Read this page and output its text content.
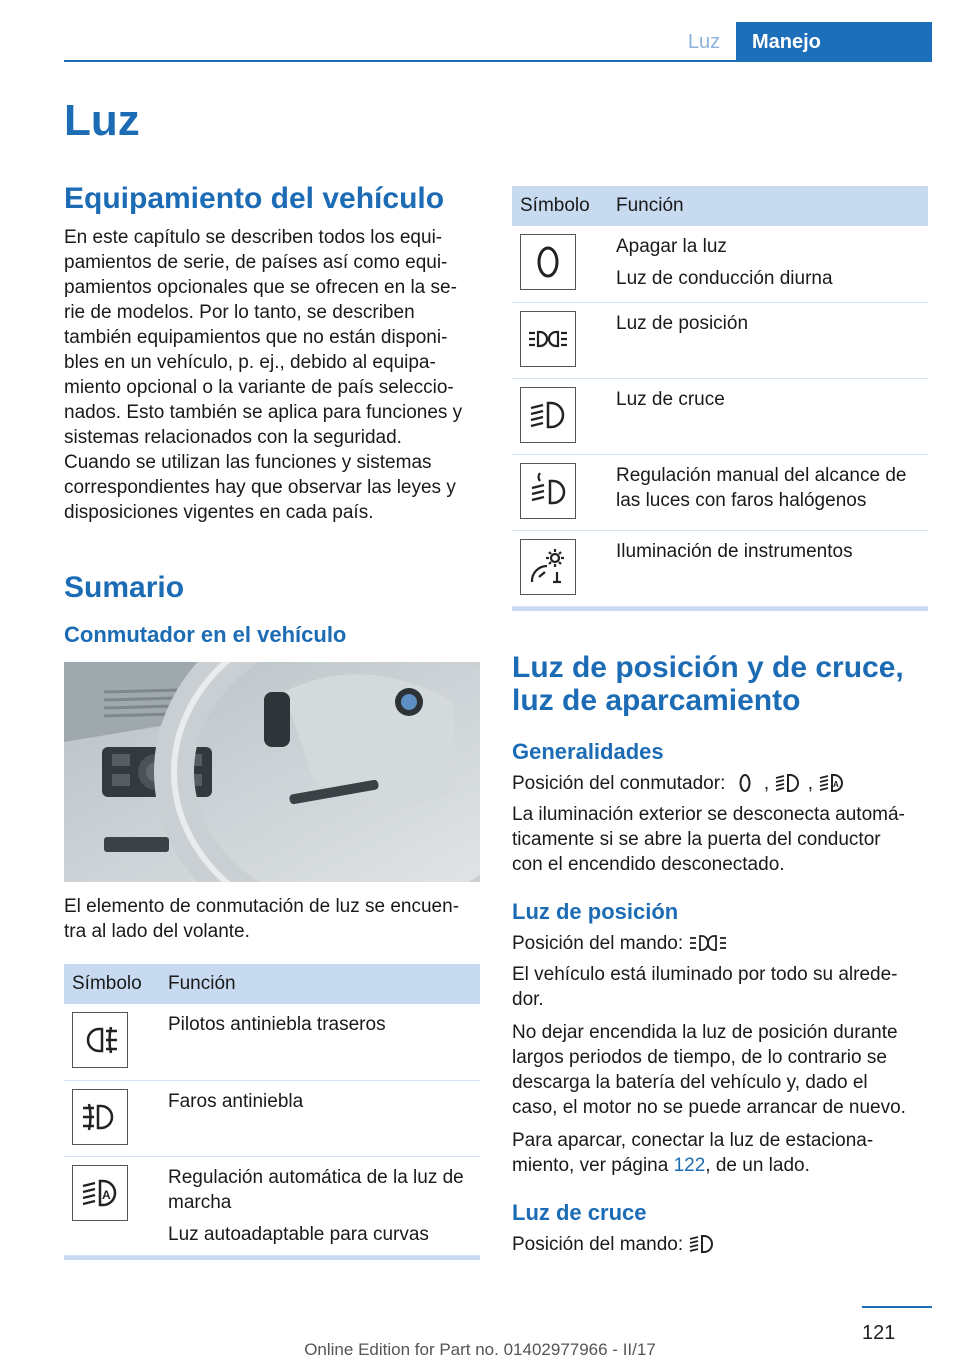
Luz	Manejo
Luz
Equipamiento del vehículo

En este capítulo se describen todos los equi‐

pamientos de serie, de países así como equi‐

pamientos opcionales que se ofrecen en la se‐

rie de modelos. Por lo tanto, se describen

también equipamientos que no están disponi‐

bles en un vehículo, p. ej., debido al equipa‐

miento opcional o la variante de país seleccio‐

nados. Esto también se aplica para funciones y

sistemas relacionados con la seguridad.

Cuando se utilizan las funciones y sistemas

correspondientes hay que observar las leyes y

disposiciones vigentes en cada país.

Sumario
Conmutador en el vehículo

El elemento de conmutación de luz se encuen‐

tra al lado del volante.

Símbolo	Función

Pilotos antiniebla traseros

Faros antiniebla

A	Regulación automática de la luz de marcha
Luz autoadaptable para curvas

Símbolo	Función

Apagar la luz
Luz de conducción diurna

Luz de posición

Luz de cruce

Regulación manual del alcance de las luces con faros halógenos

Iluminación de instrumentos

Luz de posición y de cruce,
luz de aparcamiento
Generalidades

Posición del conmutador: , ,	A

La iluminación exterior se desconecta automá‐

ticamente si se abre la puerta del conductor

con el encendido desconectado.

Luz de posición

Posición del mando:

El vehículo está iluminado por todo su alrede‐

dor.

No dejar encendida la luz de posición durante

largos periodos de tiempo, de lo contrario se

descarga la batería del vehículo y, dado el

caso, el motor no se puede arrancar de nuevo.

Para aparcar, conectar la luz de estaciona‐

miento, ver página 122, de un lado.

Luz de cruce

Posición del mando:

121
Online Edition for Part no. 01402977966 - II/17
